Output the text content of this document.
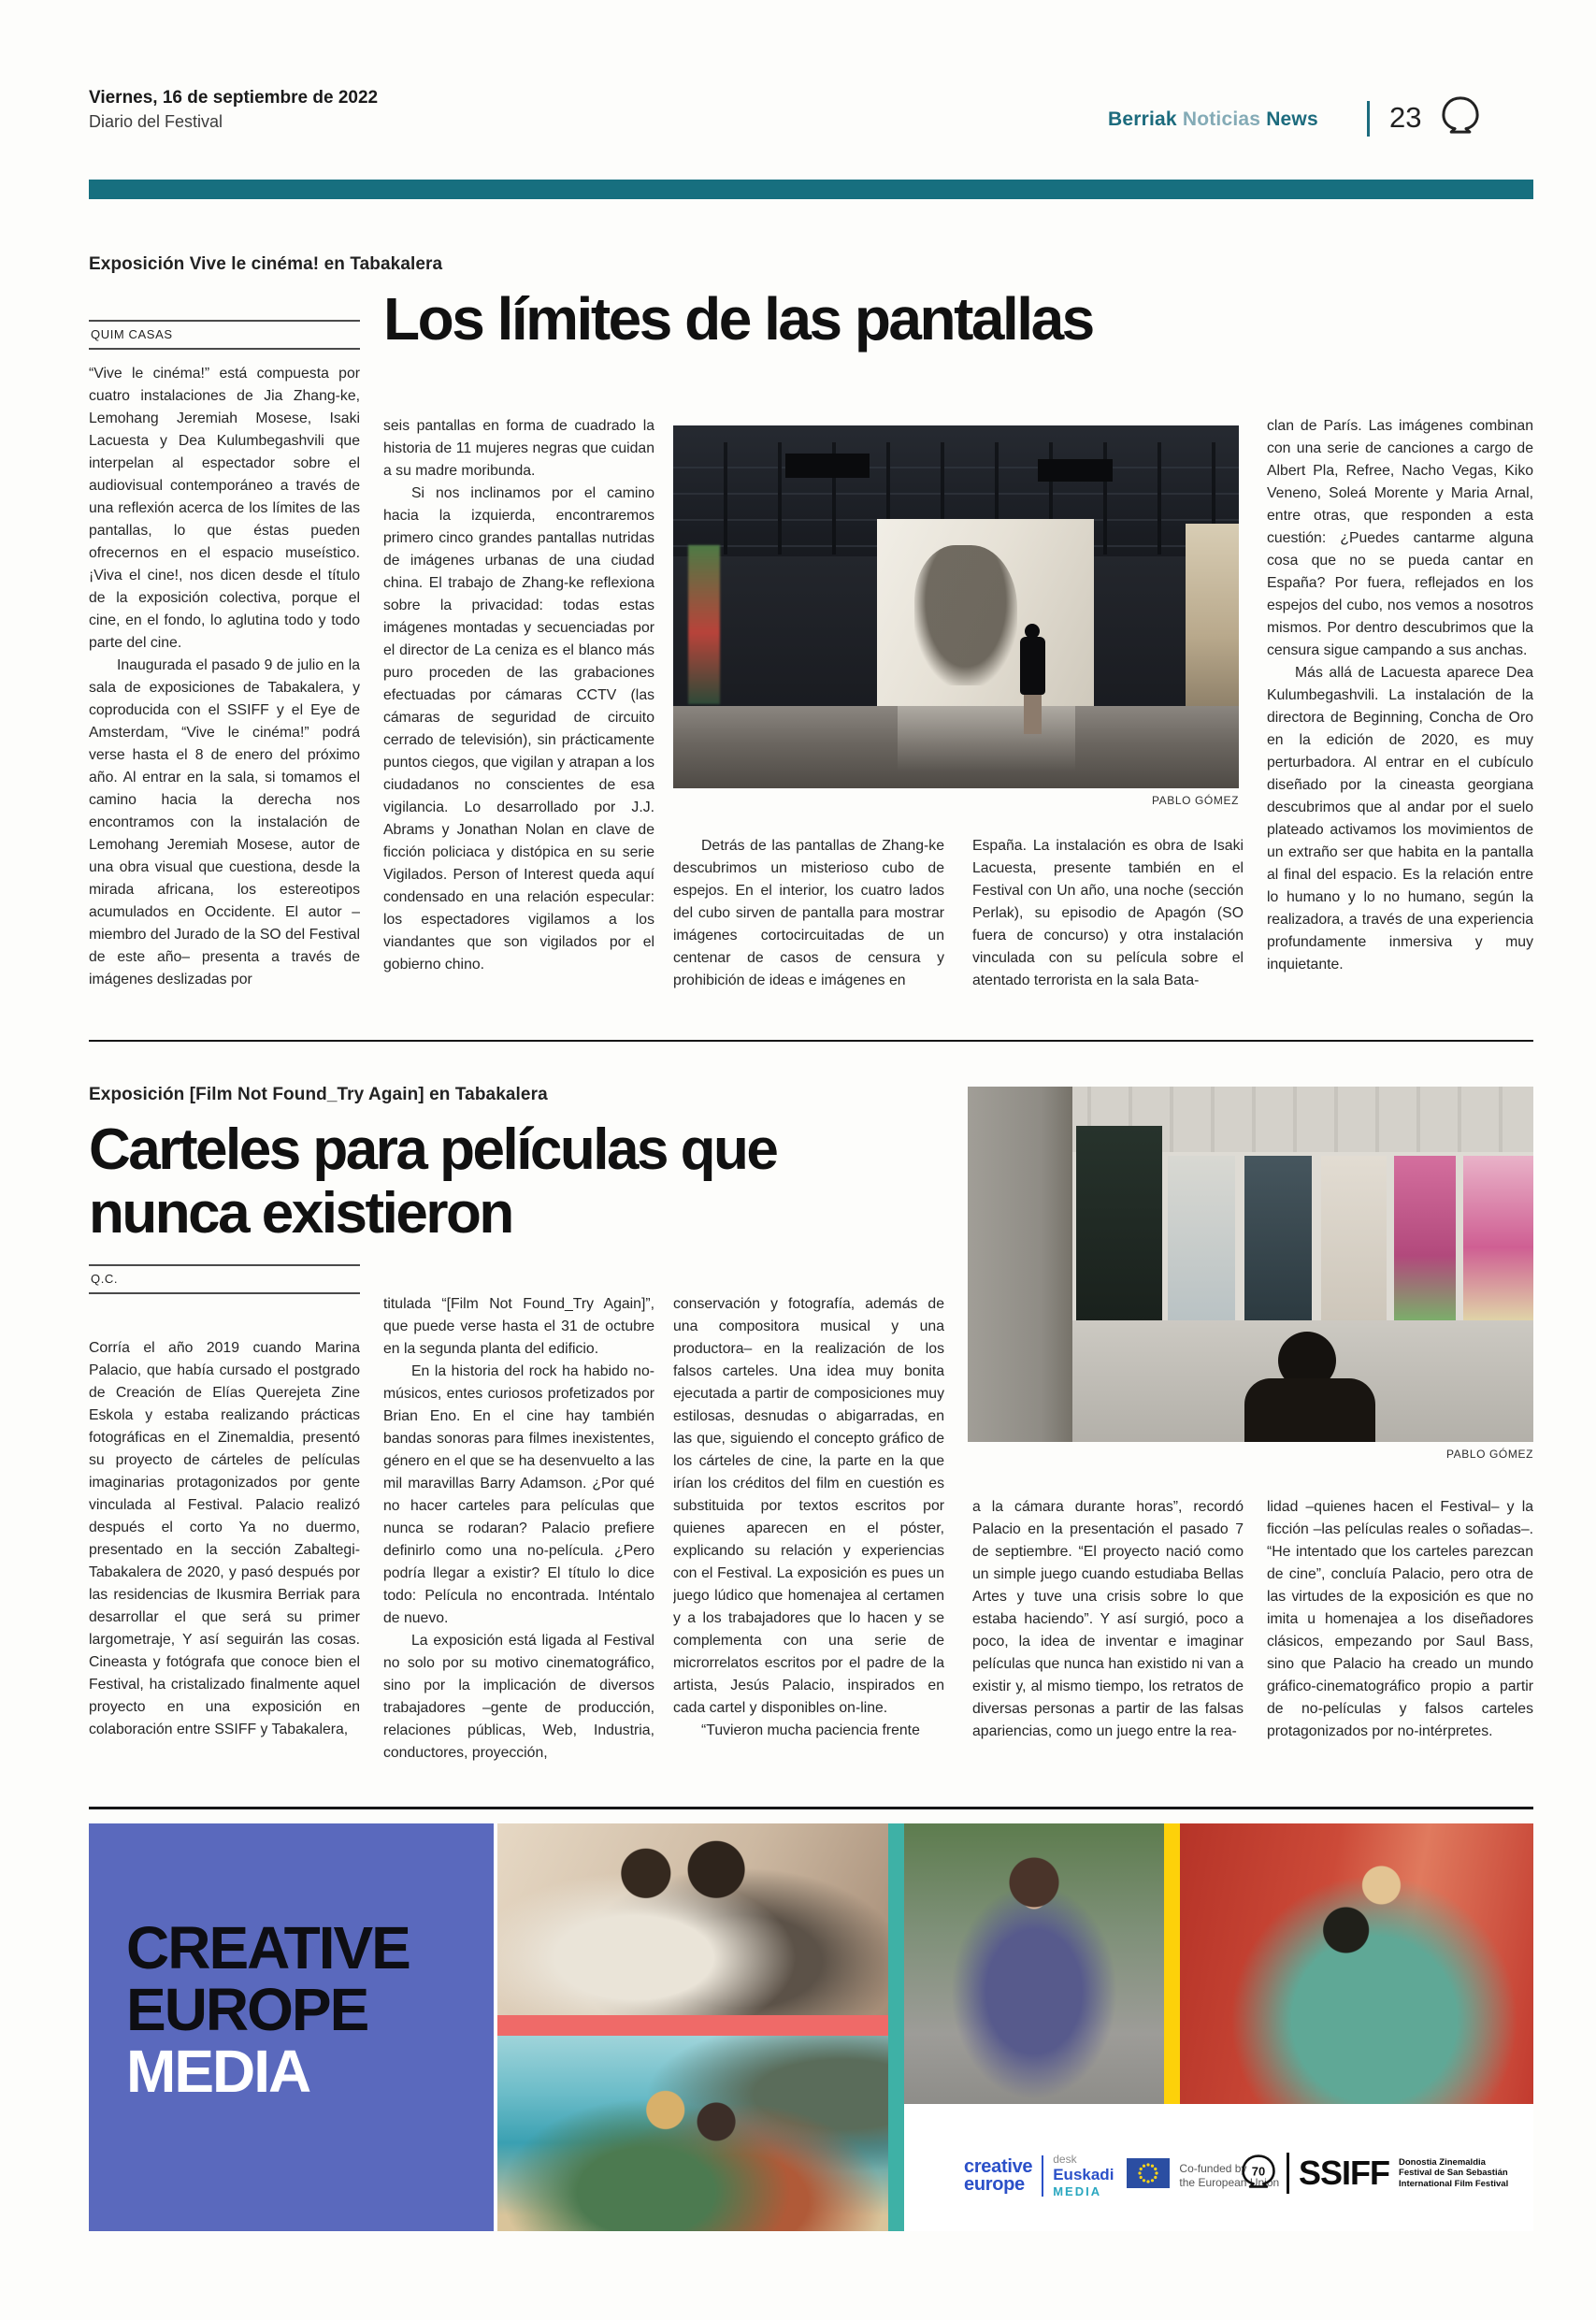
Viernes, 16 de septiembre de 2022
Diario del Festival	Berriak Noticias News 23
Exposición Vive le cinéma! en Tabakalera
Los límites de las pantallas
QUIM CASAS

“Vive le cinéma!” está compuesta por cuatro instalaciones de Jia Zhang-ke, Lemohang Jeremiah Mosese, Isaki Lacuesta y Dea Kulumbegashvili que interpelan al espectador sobre el audiovisual contemporáneo a través de una reflexión acerca de los límites de las pantallas, lo que éstas pueden ofrecernos en el espacio museístico. ¡Viva el cine!, nos dicen desde el título de la exposición colectiva, porque el cine, en el fondo, lo aglutina todo y todo parte del cine.

Inaugurada el pasado 9 de julio en la sala de exposiciones de Tabakalera, y coproducida con el SSIFF y el Eye de Amsterdam, “Vive le cinéma!” podrá verse hasta el 8 de enero del próximo año. Al entrar en la sala, si tomamos el camino hacia la derecha nos encontramos con la instalación de Lemohang Jeremiah Mosese, autor de una obra visual que cuestiona, desde la mirada africana, los estereotipos acumulados en Occidente. El autor –miembro del Jurado de la SO del Festival de este año– presenta a través de imágenes deslizadas por

seis pantallas en forma de cuadrado la historia de 11 mujeres negras que cuidan a su madre moribunda.

Si nos inclinamos por el camino hacia la izquierda, encontraremos primero cinco grandes pantallas nutridas de imágenes urbanas de una ciudad china. El trabajo de Zhang-ke reflexiona sobre la privacidad: todas estas imágenes montadas y secuenciadas por el director de La ceniza es el blanco más puro proceden de las grabaciones efectuadas por cámaras CCTV (las cámaras de seguridad de circuito cerrado de televisión), sin prácticamente puntos ciegos, que vigilan y atrapan a los ciudadanos no conscientes de esa vigilancia. Lo desarrollado por J.J. Abrams y Jonathan Nolan en clave de ficción policiaca y distópica en su serie Vigilados. Person of Interest queda aquí condensado en una relación especular: los espectadores vigilamos a los viandantes que son vigilados por el gobierno chino.

PABLO GÓMEZ

Detrás de las pantallas de Zhang-ke descubrimos un misterioso cubo de espejos. En el interior, los cuatro lados del cubo sirven de pantalla para mostrar imágenes cortocircuitadas de un centenar de casos de censura y prohibición de ideas e imágenes en

España. La instalación es obra de Isaki Lacuesta, presente también en el Festival con Un año, una noche (sección Perlak), su episodio de Apagón (SO fuera de concurso) y otra instalación vinculada con su película sobre el atentado terrorista en la sala Bata-

clan de París. Las imágenes combinan con una serie de canciones a cargo de Albert Pla, Refree, Nacho Vegas, Kiko Veneno, Soleá Morente y Maria Arnal, entre otras, que responden a esta cuestión: ¿Puedes cantarme alguna cosa que no se pueda cantar en España? Por fuera, reflejados en los espejos del cubo, nos vemos a nosotros mismos. Por dentro descubrimos que la censura sigue campando a sus anchas.

Más allá de Lacuesta aparece Dea Kulumbegashvili. La instalación de la directora de Beginning, Concha de Oro en la edición de 2020, es muy perturbadora. Al entrar en el cubículo diseñado por la cineasta georgiana descubrimos que al andar por el suelo plateado activamos los movimientos de un extraño ser que habita en la pantalla al final del espacio. Es la relación entre lo humano y lo no humano, según la realizadora, a través de una experiencia profundamente inmersiva y muy inquietante.

Exposición [Film Not Found_Try Again] en Tabakalera
Carteles para películas que nunca existieron
Q.C.
PABLO GÓMEZ

Corría el año 2019 cuando Marina Palacio, que había cursado el postgrado de Creación de Elías Querejeta Zine Eskola y estaba realizando prácticas fotográficas en el Zinemaldia, presentó su proyecto de cárteles de películas imaginarias protagonizados por gente vinculada al Festival. Palacio realizó después el corto Ya no duermo, presentado en la sección Zabaltegi-Tabakalera de 2020, y pasó después por las residencias de Ikusmira Berriak para desarrollar el que será su primer largometraje, Y así seguirán las cosas. Cineasta y fotógrafa que conoce bien el Festival, ha cristalizado finalmente aquel proyecto en una exposición en colaboración entre SSIFF y Tabakalera,

titulada “[Film Not Found_Try Again]”, que puede verse hasta el 31 de octubre en la segunda planta del edificio.

En la historia del rock ha habido no-músicos, entes curiosos profetizados por Brian Eno. En el cine hay también bandas sonoras para filmes inexistentes, género en el que se ha desenvuelto a las mil maravillas Barry Adamson. ¿Por qué no hacer carteles para películas que nunca se rodaran? Palacio prefiere definirlo como una no-película. ¿Pero podría llegar a existir? El título lo dice todo: Película no encontrada. Inténtalo de nuevo.

La exposición está ligada al Festival no solo por su motivo cinematográfico, sino por la implicación de diversos trabajadores –gente de producción, relaciones públicas, Web, Industria, conductores, proyección,

conservación y fotografía, además de una compositora musical y una productora– en la realización de los falsos carteles. Una idea muy bonita ejecutada a partir de composiciones muy estilosas, desnudas o abigarradas, en las que, siguiendo el concepto gráfico de los cárteles de cine, la parte en la que irían los créditos del film en cuestión es substituida por textos escritos por quienes aparecen en el póster, explicando su relación y experiencias con el Festival. La exposición es pues un juego lúdico que homenajea al certamen y a los trabajadores que lo hacen y se complementa con una serie de microrrelatos escritos por el padre de la artista, Jesús Palacio, inspirados en cada cartel y disponibles on-line.

“Tuvieron mucha paciencia frente

a la cámara durante horas”, recordó Palacio en la presentación el pasado 7 de septiembre. “El proyecto nació como un simple juego cuando estudiaba Bellas Artes y tuve una crisis sobre lo que estaba haciendo”. Y así surgió, poco a poco, la idea de inventar e imaginar películas que nunca han existido ni van a existir y, al mismo tiempo, los retratos de diversas personas a partir de las falsas apariencias, como un juego entre la rea-

lidad –quienes hacen el Festival– y la ficción –las películas reales o soñadas–. “He intentado que los carteles parezcan de cine”, concluía Palacio, pero otra de las virtudes de la exposición es que no imita u homenajea a los diseñadores clásicos, empezando por Saul Bass, sino que Palacio ha creado un mundo gráfico-cinematográfico propio a partir de no-películas y falsos carteles protagonizados por no-intérpretes.

CREATIVE
EUROPE
MEDIA
creative
europe
desk
Euskadi
MEDIA
Co-funded by
the European Union
70 SSIFF Donostia Zinemaldia
Festival de San Sebastián
International Film Festival
